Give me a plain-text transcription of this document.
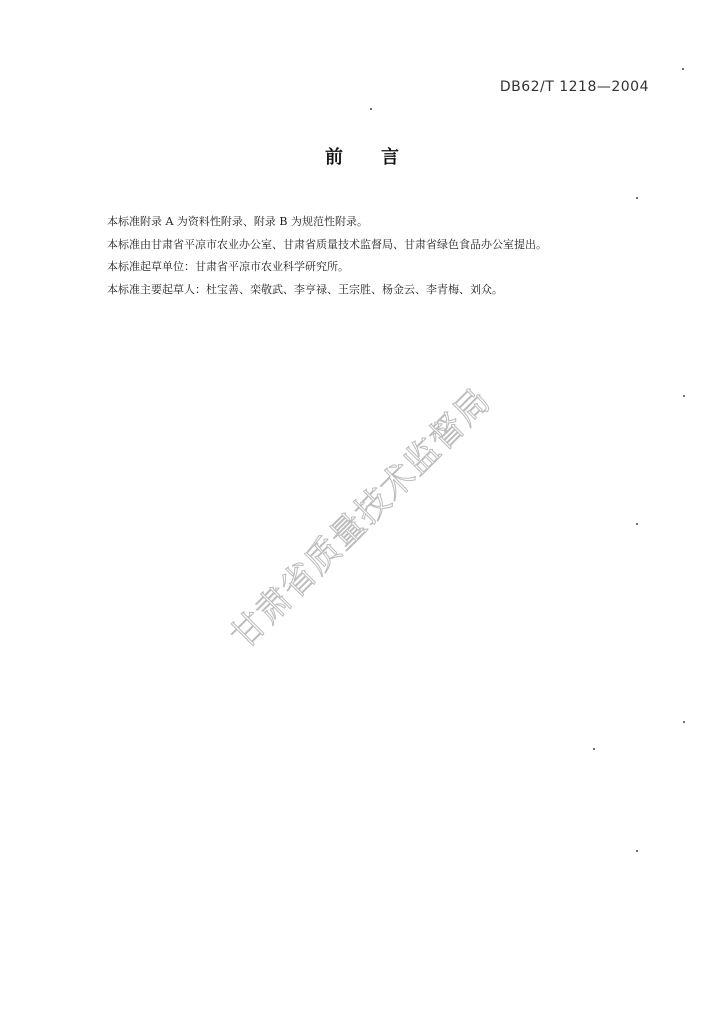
DB62/T 1218—2004
前 言

本标准附录 A 为资料性附录、附录 B 为规范性附录。

本标准由甘肃省平凉市农业办公室、甘肃省质量技术监督局、甘肃省绿色食品办公室提出。

本标准起草单位：甘肃省平凉市农业科学研究所。

本标准主要起草人：杜宝善、栾敬武、李亨禄、王宗胜、杨金云、李青梅、刘众。

甘肃省质量技术监督局
